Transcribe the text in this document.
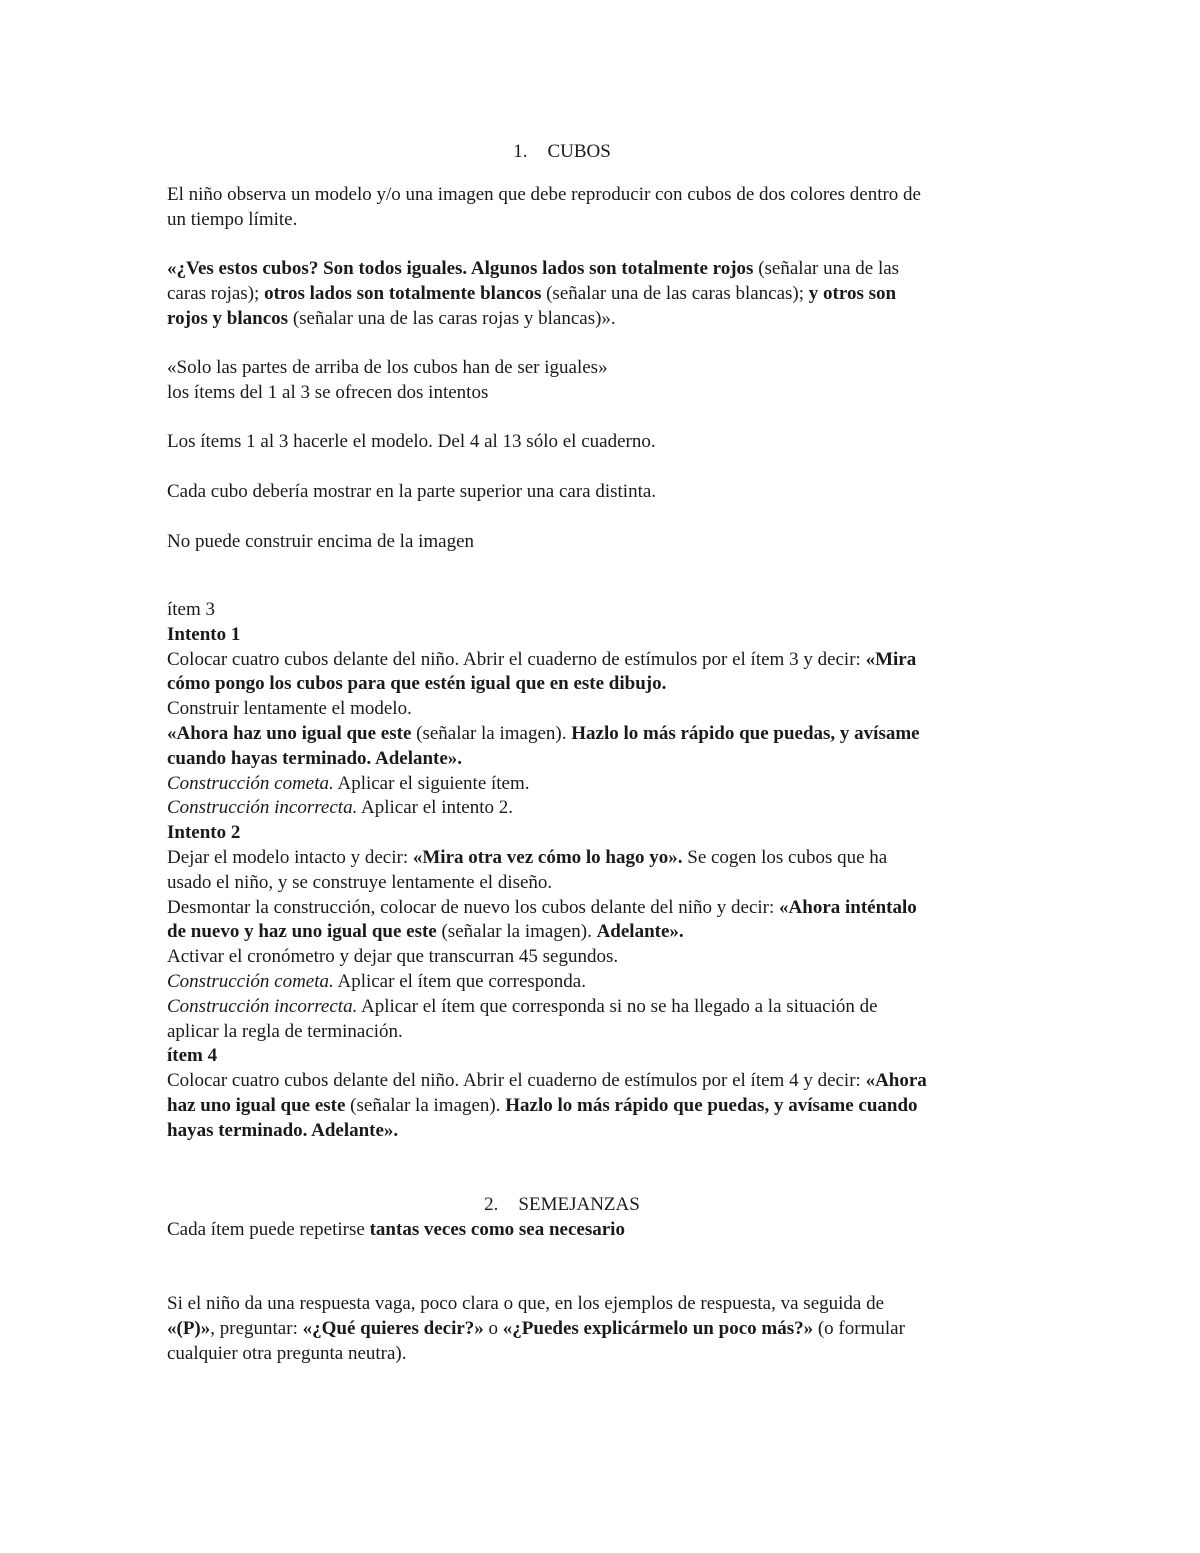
1. CUBOS
El niño observa un modelo y/o una imagen que debe reproducir con cubos de dos colores dentro de
un tiempo límite.
«¿Ves estos cubos? Son todos iguales. Algunos lados son totalmente rojos (señalar una de las
caras rojas); otros lados son totalmente blancos (señalar una de las caras blancas); y otros son
rojos y blancos (señalar una de las caras rojas y blancas)».
«Solo las partes de arriba de los cubos han de ser iguales»
los ítems del 1 al 3 se ofrecen dos intentos
Los ítems 1 al 3 hacerle el modelo. Del 4 al 13 sólo el cuaderno.
Cada cubo debería mostrar en la parte superior una cara distinta.
No puede construir encima de la imagen
ítem 3
Intento 1
Colocar cuatro cubos delante del niño. Abrir el cuaderno de estímulos por el ítem 3 y decir: «Mira
cómo pongo los cubos para que estén igual que en este dibujo.
Construir lentamente el modelo.
«Ahora haz uno igual que este (señalar la imagen). Hazlo lo más rápido que puedas, y avísame
cuando hayas terminado. Adelante».
Construcción cometa. Aplicar el siguiente ítem.
Construcción incorrecta. Aplicar el intento 2.
Intento 2
Dejar el modelo intacto y decir: «Mira otra vez cómo lo hago yo». Se cogen los cubos que ha
usado el niño, y se construye lentamente el diseño.
Desmontar la construcción, colocar de nuevo los cubos delante del niño y decir: «Ahora inténtalo
de nuevo y haz uno igual que este (señalar la imagen). Adelante».
Activar el cronómetro y dejar que transcurran 45 segundos.
Construcción cometa. Aplicar el ítem que corresponda.
Construcción incorrecta. Aplicar el ítem que corresponda si no se ha llegado a la situación de
aplicar la regla de terminación.
ítem 4
Colocar cuatro cubos delante del niño. Abrir el cuaderno de estímulos por el ítem 4 y decir: «Ahora
haz uno igual que este (señalar la imagen). Hazlo lo más rápido que puedas, y avísame cuando
hayas terminado. Adelante».
2. SEMEJANZAS
Cada ítem puede repetirse tantas veces como sea necesario
Si el niño da una respuesta vaga, poco clara o que, en los ejemplos de respuesta, va seguida de
«(P)», preguntar: «¿Qué quieres decir?» o «¿Puedes explicármelo un poco más?» (o formular
cualquier otra pregunta neutra).
